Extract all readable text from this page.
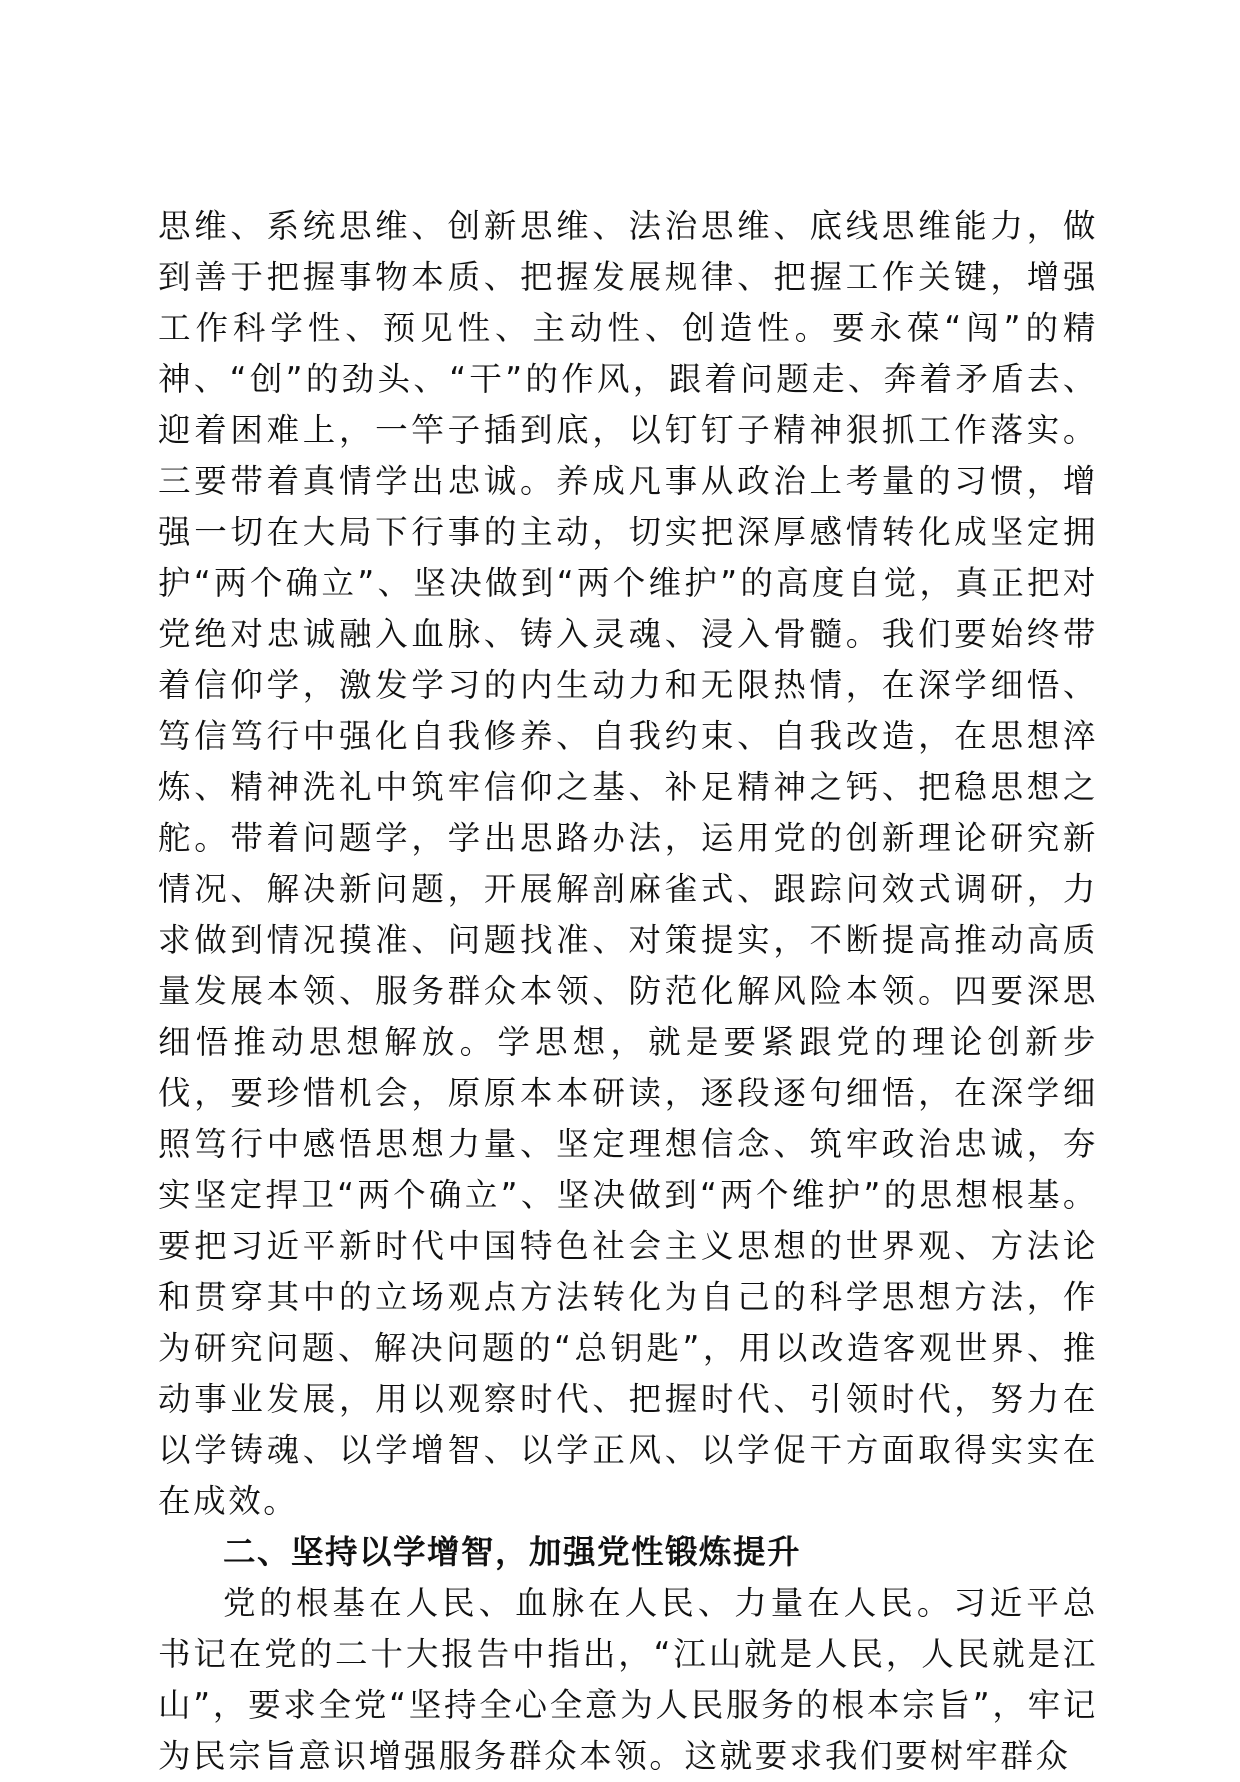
思维、系统思维、创新思维、法治思维、底线思维能力，做到善于把握事物本质、把握发展规律、把握工作关键，增强工作科学性、预见性、主动性、创造性。要永葆“闯”的精神、“创”的劲头、“干”的作风，跟着问题走、奔着矛盾去、迎着困难上，一竿子插到底，以钉钉子精神狠抓工作落实。三要带着真情学出忠诚。养成凡事从政治上考量的习惯，增强一切在大局下行事的主动，切实把深厚感情转化成坚定拥护“两个确立”、坚决做到“两个维护”的高度自觉，真正把对党绝对忠诚融入血脉、铸入灵魂、浸入骨髓。我们要始终带着信仰学，激发学习的内生动力和无限热情，在深学细悟、笃信笃行中强化自我修养、自我约束、自我改造，在思想淬炼、精神洗礼中筑牢信仰之基、补足精神之钙、把稳思想之舵。带着问题学，学出思路办法，运用党的创新理论研究新情况、解决新问题，开展解剖麻雀式、跟踪问效式调研，力求做到情况摸准、问题找准、对策提实，不断提高推动高质量发展本领、服务群众本领、防范化解风险本领。四要深思细悟推动思想解放。学思想，就是要紧跟党的理论创新步伐，要珍惜机会，原原本本研读，逐段逐句细悟，在深学细照笃行中感悟思想力量、坚定理想信念、筑牢政治忠诚，夯实坚定捍卫“两个确立”、坚决做到“两个维护”的思想根基。要把习近平新时代中国特色社会主义思想的世界观、方法论和贯穿其中的立场观点方法转化为自己的科学思想方法，作为研究问题、解决问题的“总钥匙”，用以改造客观世界、推动事业发展，用以观察时代、把握时代、引领时代，努力在以学铸魂、以学增智、以学正风、以学促干方面取得实实在在成效。

二、坚持以学增智，加强党性锻炼提升

党的根基在人民、血脉在人民、力量在人民。习近平总书记在党的二十大报告中指出，“江山就是人民，人民就是江山”，要求全党“坚持全心全意为人民服务的根本宗旨”，牢记为民宗旨意识增强服务群众本领。这就要求我们要树牢群众
